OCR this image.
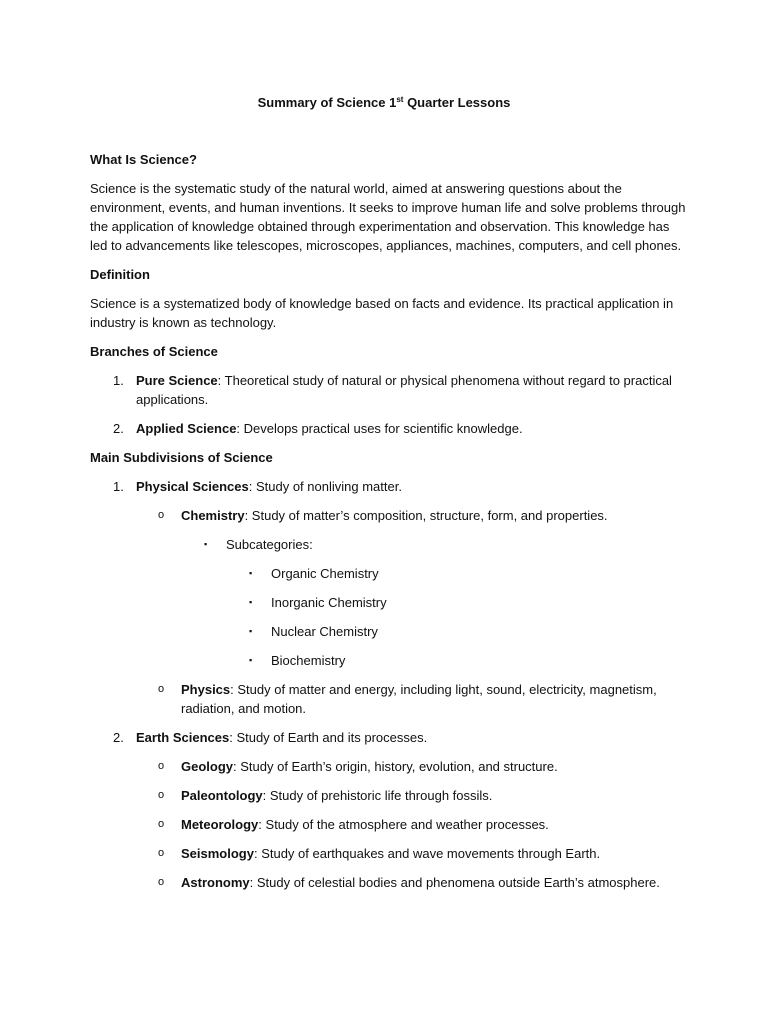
Summary of Science 1st Quarter Lessons
What Is Science?
Science is the systematic study of the natural world, aimed at answering questions about the environment, events, and human inventions. It seeks to improve human life and solve problems through the application of knowledge obtained through experimentation and observation. This knowledge has led to advancements like telescopes, microscopes, appliances, machines, computers, and cell phones.
Definition
Science is a systematized body of knowledge based on facts and evidence. Its practical application in industry is known as technology.
Branches of Science
1. Pure Science: Theoretical study of natural or physical phenomena without regard to practical applications.
2. Applied Science: Develops practical uses for scientific knowledge.
Main Subdivisions of Science
1. Physical Sciences: Study of nonliving matter.
o Chemistry: Study of matter’s composition, structure, form, and properties.
▪ Subcategories:
▪ Organic Chemistry
▪ Inorganic Chemistry
▪ Nuclear Chemistry
▪ Biochemistry
o Physics: Study of matter and energy, including light, sound, electricity, magnetism, radiation, and motion.
2. Earth Sciences: Study of Earth and its processes.
o Geology: Study of Earth’s origin, history, evolution, and structure.
o Paleontology: Study of prehistoric life through fossils.
o Meteorology: Study of the atmosphere and weather processes.
o Seismology: Study of earthquakes and wave movements through Earth.
o Astronomy: Study of celestial bodies and phenomena outside Earth’s atmosphere.
